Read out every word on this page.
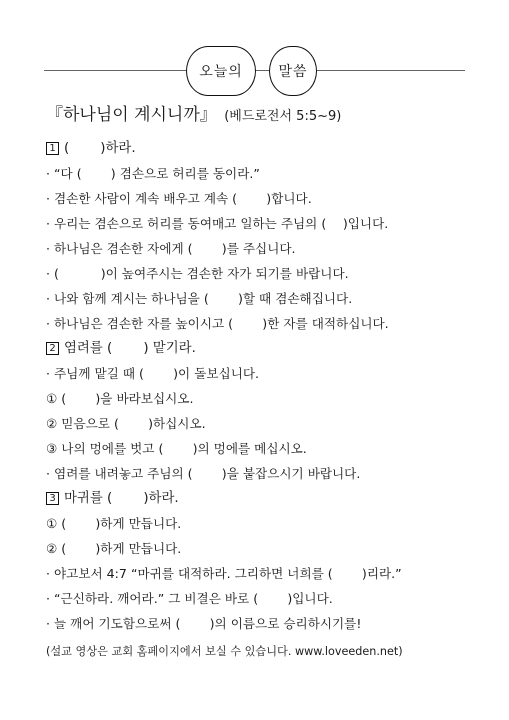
오늘의	말씀
『하나님이 계시니까』 (베드로전서 5:5~9)
1 (　　 )하라.
· “다 (　　 ) 겸손으로 허리를 동이라.”
· 겸손한 사람이 계속 배우고 계속 (　　 )합니다.
· 우리는 겸손으로 허리를 동여매고 일하는 주님의 (　 )입니다.
· 하나님은 겸손한 자에게 (　　 )를 주십니다.
· (　　　 )이 높여주시는 겸손한 자가 되기를 바랍니다.
· 나와 함께 계시는 하나님을 (　　 )할 때 겸손해집니다.
· 하나님은 겸손한 자를 높이시고 (　　 )한 자를 대적하십니다.
2 염려를 (　　 ) 맡기라.
· 주님께 맡길 때 (　　 )이 돌보십니다.
① (　　 )을 바라보십시오.
② 믿음으로 (　　 )하십시오.
③ 나의 멍에를 벗고 (　　 )의 멍에를 메십시오.
· 염려를 내려놓고 주님의 (　　 )을 붙잡으시기 바랍니다.
3 마귀를 (　　 )하라.
① (　　 )하게 만듭니다.
② (　　 )하게 만듭니다.
· 야고보서 4:7 “마귀를 대적하라. 그리하면 너희를 (　　 )리라.”
· “근신하라. 깨어라.” 그 비결은 바로 (　　 )입니다.
· 늘 깨어 기도함으로써 (　　 )의 이름으로 승리하시기를!
(설교 영상은 교회 홈페이지에서 보실 수 있습니다. www.loveeden.net)
